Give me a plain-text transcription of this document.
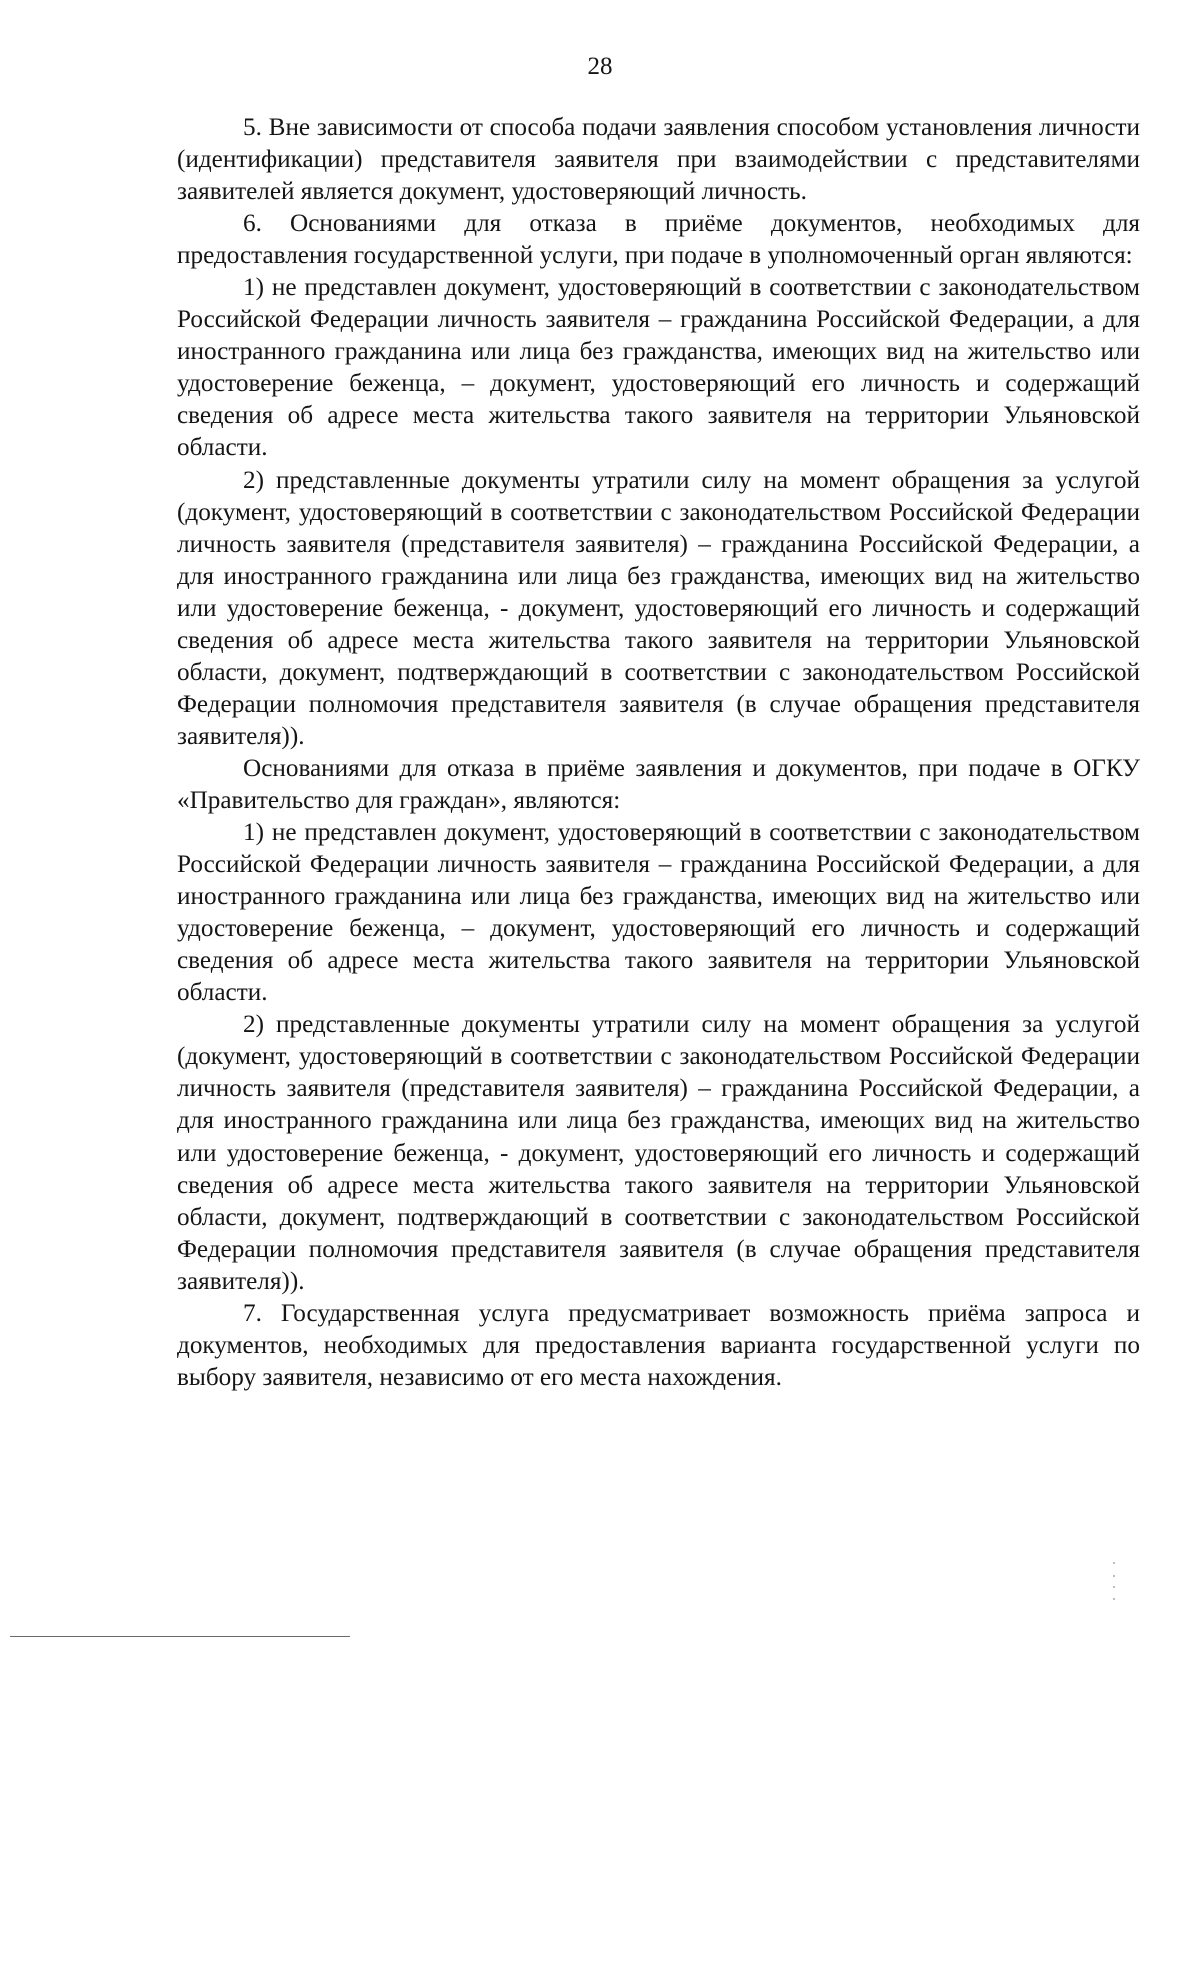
28

5. Вне зависимости от способа подачи заявления способом установления личности (идентификации) представителя заявителя при взаимодействии с представителями заявителей является документ, удостоверяющий личность.

6. Основаниями для отказа в приёме документов, необходимых для предоставления государственной услуги, при подаче в уполномоченный орган являются:

1) не представлен документ, удостоверяющий в соответствии с законодательством Российской Федерации личность заявителя – гражданина Российской Федерации, а для иностранного гражданина или лица без гражданства, имеющих вид на жительство или удостоверение беженца, – документ, удостоверяющий его личность и содержащий сведения об адресе места жительства такого заявителя на территории Ульяновской области.

2) представленные документы утратили силу на момент обращения за услугой (документ, удостоверяющий в соответствии с законодательством Российской Федерации личность заявителя (представителя заявителя) – гражданина Российской Федерации, а для иностранного гражданина или лица без гражданства, имеющих вид на жительство или удостоверение беженца, - документ, удостоверяющий его личность и содержащий сведения об адресе места жительства такого заявителя на территории Ульяновской области, документ, подтверждающий в соответствии с законодательством Российской Федерации полномочия представителя заявителя (в случае обращения представителя заявителя)).

Основаниями для отказа в приёме заявления и документов, при подаче в ОГКУ «Правительство для граждан», являются:

1) не представлен документ, удостоверяющий в соответствии с законодательством Российской Федерации личность заявителя – гражданина Российской Федерации, а для иностранного гражданина или лица без гражданства, имеющих вид на жительство или удостоверение беженца, – документ, удостоверяющий его личность и содержащий сведения об адресе места жительства такого заявителя на территории Ульяновской области.

2) представленные документы утратили силу на момент обращения за услугой (документ, удостоверяющий в соответствии с законодательством Российской Федерации личность заявителя (представителя заявителя) – гражданина Российской Федерации, а для иностранного гражданина или лица без гражданства, имеющих вид на жительство или удостоверение беженца, - документ, удостоверяющий его личность и содержащий сведения об адресе места жительства такого заявителя на территории Ульяновской области, документ, подтверждающий в соответствии с законодательством Российской Федерации полномочия представителя заявителя (в случае обращения представителя заявителя)).

7. Государственная услуга предусматривает возможность приёма запроса и документов, необходимых для предоставления варианта государственной услуги по выбору заявителя, независимо от его места нахождения.
